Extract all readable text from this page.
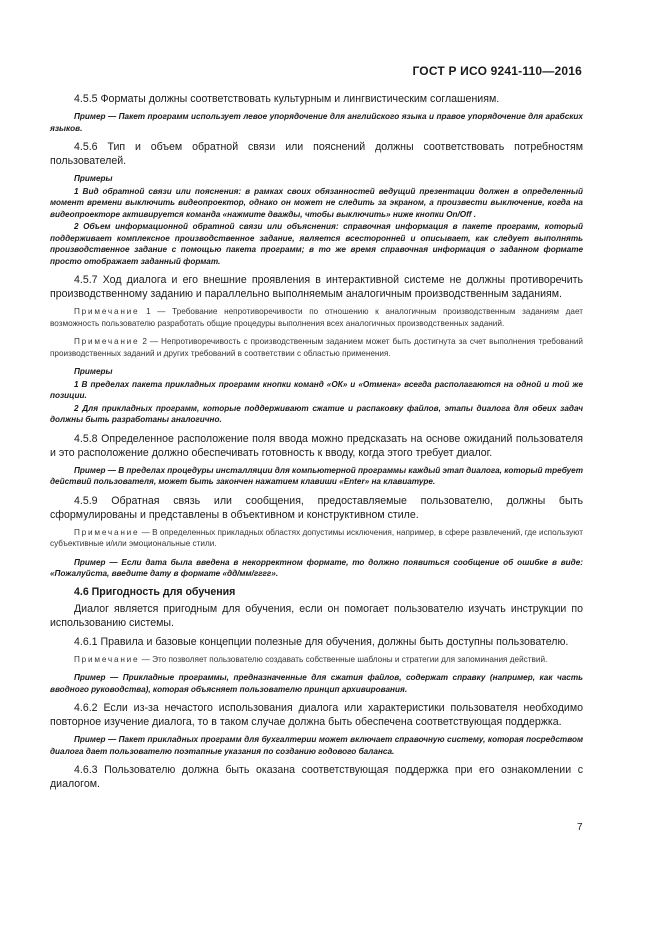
ГОСТ Р ИСО 9241-110—2016
4.5.5 Форматы должны соответствовать культурным и лингвистическим соглашениям.
Пример — Пакет программ использует левое упорядочение для английского языка и правое упорядочение для арабских языков.
4.5.6 Тип и объем обратной связи или пояснений должны соответствовать потребностям пользователей.
Примеры
1 Вид обратной связи или пояснения: в рамках своих обязанностей ведущий презентации должен в определенный момент времени выключить видеопроектор, однако он может не следить за экраном, а произвести выключение, когда на видеопроекторе активируется команда «нажмите дважды, чтобы выключить» ниже кнопки On/Off .
2 Объем информационной обратной связи или объяснения: справочная информация в пакете программ, который поддерживает комплексное производственное задание, является всесторонней и описывает, как следует выполнять производственное задание с помощью пакета программ; в то же время справочная информация о заданном формате просто отображает заданный формат.
4.5.7 Ход диалога и его внешние проявления в интерактивной системе не должны противоречить производственному заданию и параллельно выполняемым аналогичным производственным заданиям.
Примечание 1 — Требование непротиворечивости по отношению к аналогичным производственным заданиям дает возможность пользователю разработать общие процедуры выполнения всех аналогичных производственных заданий.
Примечание 2 — Непротиворечивость с производственным заданием может быть достигнута за счет выполнения требований производственных заданий и других требований в соответствии с областью применения.
Примеры
1 В пределах пакета прикладных программ кнопки команд «ОК» и «Отмена» всегда располагаются на одной и той же позиции.
2 Для прикладных программ, которые поддерживают сжатие и распаковку файлов, этапы диалога для обеих задач должны быть разработаны аналогично.
4.5.8 Определенное расположение поля ввода можно предсказать на основе ожиданий пользователя и это расположение должно обеспечивать готовность к вводу, когда этого требует диалог.
Пример — В пределах процедуры инсталляции для компьютерной программы каждый этап диалога, который требует действий пользователя, может быть закончен нажатием клавиши «Enter» на клавиатуре.
4.5.9 Обратная связь или сообщения, предоставляемые пользователю, должны быть сформулированы и представлены в объективном и конструктивном стиле.
Примечание — В определенных прикладных областях допустимы исключения, например, в сфере развлечений, где используют субъективные и/или эмоциональные стили.
Пример — Если дата была введена в некорректном формате, то должно появиться сообщение об ошибке в виде: «Пожалуйста, введите дату в формате «дд/мм/гггг».
4.6 Пригодность для обучения
Диалог является пригодным для обучения, если он помогает пользователю изучать инструкции по использованию системы.
4.6.1 Правила и базовые концепции полезные для обучения, должны быть доступны пользователю.
Примечание — Это позволяет пользователю создавать собственные шаблоны и стратегии для запоминания действий.
Пример — Прикладные программы, предназначенные для сжатия файлов, содержат справку (например, как часть вводного руководства), которая объясняет пользователю принцип архивирования.
4.6.2 Если из-за нечастого использования диалога или характеристики пользователя необходимо повторное изучение диалога, то в таком случае должна быть обеспечена соответствующая поддержка.
Пример — Пакет прикладных программ для бухгалтерии может включает справочную систему, которая посредством диалога дает пользователю поэтапные указания по созданию годового баланса.
4.6.3 Пользователю должна быть оказана соответствующая поддержка при его ознакомлении с диалогом.
7
